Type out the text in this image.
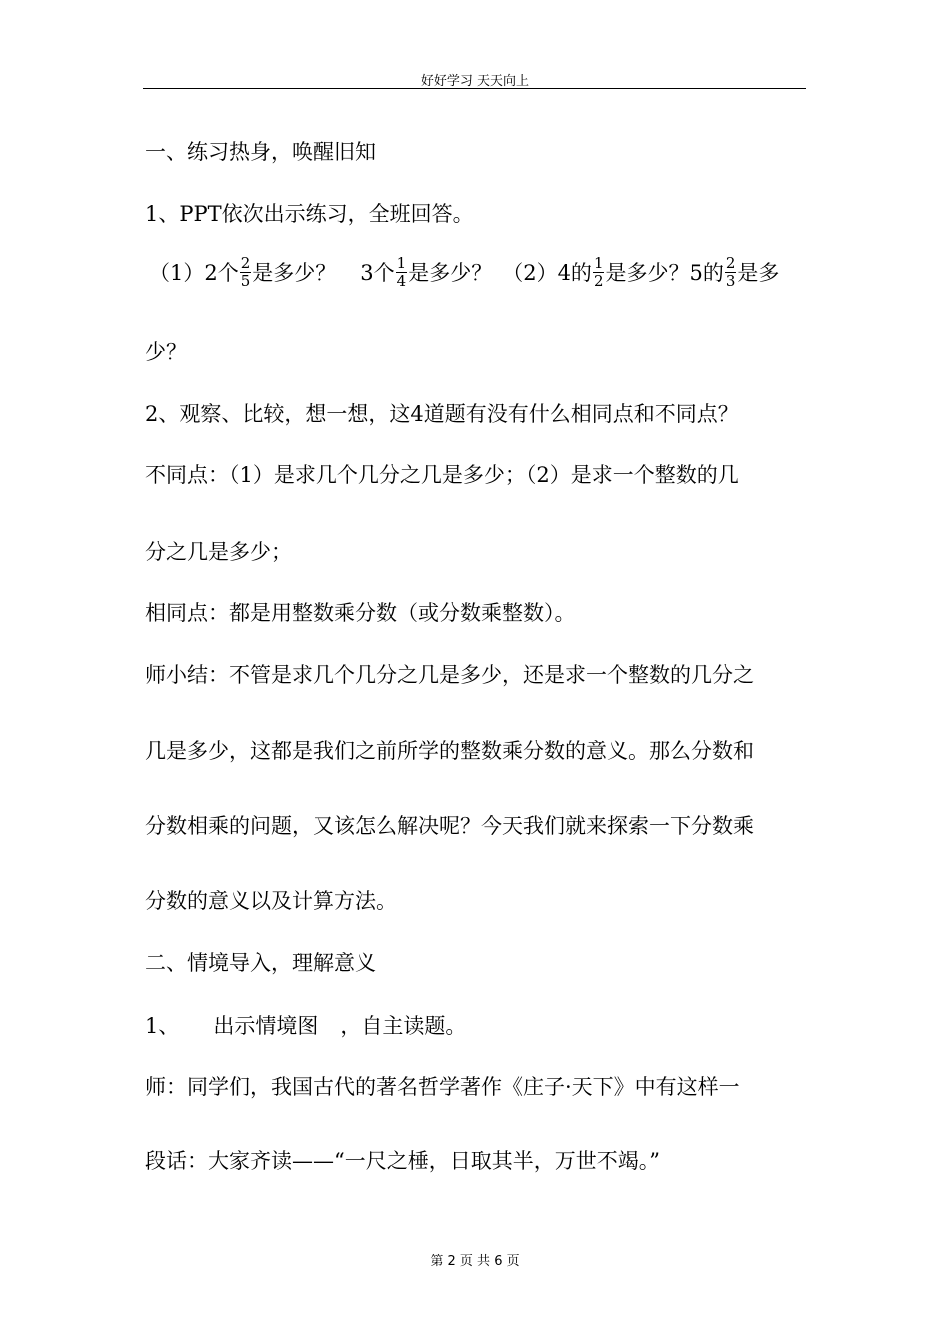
好好学习 天天向上
一、练习热身，唤醒旧知
1、PPT依次出示练习，全班回答。
（1）2个 $\frac{2}{5}$ 是多少？ 3个 $\frac{1}{4}$ 是多少？ （2）4的 $\frac{1}{2}$ 是多少？5的 $\frac{2}{3}$ 是多
少？
2、观察、比较，想一想，这4道题有没有什么相同点和不同点？
不同点：（1）是求几个几分之几是多少；（2）是求一个整数的几
分之几是多少；
相同点：都是用整数乘分数（或分数乘整数）。
师小结：不管是求几个几分之几是多少，还是求一个整数的几分之
几是多少，这都是我们之前所学的整数乘分数的意义。那么分数和
分数相乘的问题，又该怎么解决呢？今天我们就来探索一下分数乘
分数的意义以及计算方法。
二、情境导入，理解意义
1、 出示情境图 ，自主读题。
师：同学们，我国古代的著名哲学著作《庄子·天下》中有这样一
段话：大家齐读——“一尺之棰，日取其半，万世不竭。”
第 2 页 共 6 页
